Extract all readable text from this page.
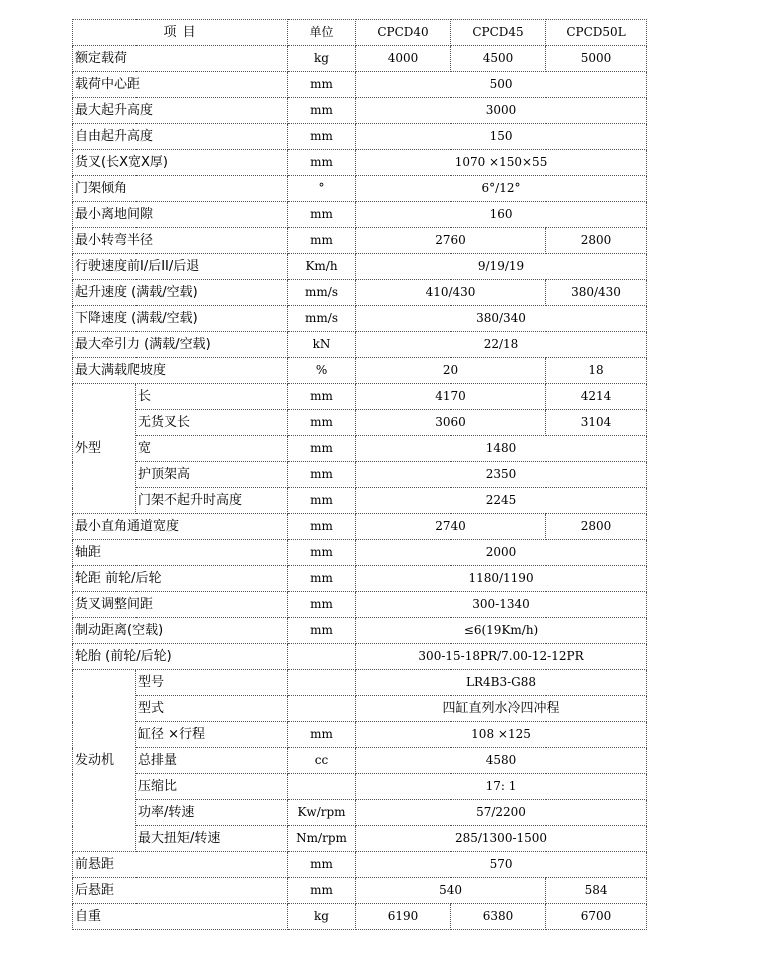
项 目		单位	CPCD40	CPCD45	CPCD50L
额定载荷		kg	4000	4500	5000
载荷中心距		mm	500		
最大起升高度		mm	3000		
自由起升高度		mm	150		
货叉(长X宽X厚)		mm	1070 ×150×55		
门架倾角		°	6°/12°		
最小离地间隙		mm	160		
最小转弯半径		mm	2760		2800
行驶速度前I/后II/后退		Km/h	9/19/19		
起升速度 (满载/空载)		mm/s	410/430		380/430
下降速度 (满载/空载)		mm/s	380/340		
最大牵引力 (满载/空载)		kN	22/18		
最大满载爬坡度		%	20		18
外型	长	mm	4170		4214
	无货叉长	mm	3060		3104
	宽	mm	1480		
	护顶架高	mm	2350		
	门架不起升时高度	mm	2245		
最小直角通道宽度		mm	2740		2800
轴距		mm	2000		
轮距 前轮/后轮		mm	1180/1190		
货叉调整间距		mm	300-1340		
制动距离(空载)		mm	≤6(19Km/h)		
轮胎 (前轮/后轮)			300-15-18PR/7.00-12-12PR		
发动机	型号		LR4B3-G88		
	型式		四缸直列水冷四冲程		
	缸径 ×行程	mm	108 ×125		
	总排量	cc	4580		
	压缩比		17: 1		
	功率/转速	Kw/rpm	57/2200		
	最大扭矩/转速	Nm/rpm	285/1300-1500		
前悬距		mm	570		
后悬距		mm	540		584
自重		kg	6190	6380	6700
